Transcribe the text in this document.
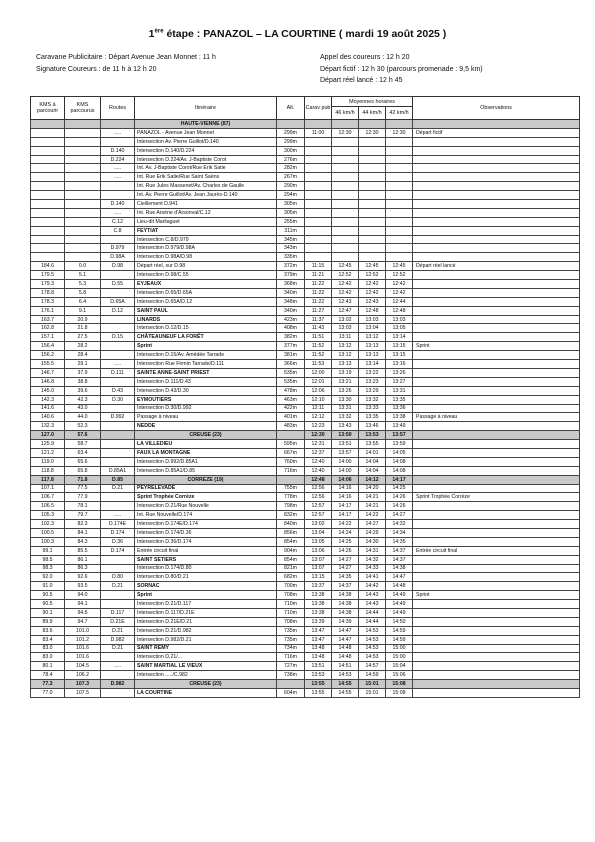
1ère étape : PANAZOL – LA COURTINE ( mardi 19 août 2025 )
Caravane Publicitaire : Départ Avenue Jean Monnet : 11 h
Signature Coureurs : de 11 h à 12 h 20
Appel des coureurs : 12 h 20
Départ fictif : 12 h 30 (parcours promenade : 9,5 km)
Départ réel lancé : 12 h 45
KMS à parcourir	KMS parcourus	Routes	Itinéraire	Alt.	Carav pub	Moyennes horaires			Observations
						46 km/h	44 km/h	42 km/h	
			HAUTE-VIENNE (87)						
		.....	PANAZOL - Avenue Jean Monnet	299m	11:00	12:30	12:30	12:30	Départ fictif
			Intersection Av. Pierre Guillot/D.140	299m					
		D.140	Intersection D.140/D.224	300m					
		D.224	Intersection D.224/Av. J-Baptiste Corot	276m					
		.....	Int. Av. J-Baptiste Corot/Rue Erik Satie	282m					
		.....	Int. Rue Erik Satie/Rue Saint Saëns	267m					
			Int. Rue Jules Massenet/Av. Charles de Gaulle	290m					
			Int. Av. Pierre Guillot/Av. Jean Jaurès-D.140	294m					
		D.140	Cieillement D.941	305m					
		.....	Int. Rue Arsène d'Arsonval/C.12	305m					
		C.12	Lieu-dit Marliaguet	255m					
		C.8	FEYTIAT	311m					
			Intersection C.8/D.979	345m					
		D.979	Intersection D.979/D.98A	343m					
		D.98A	Intersection D.98A/D.98	335m					
184.6	0.0	D.98	Départ réel, sur D.98	372m	11:15	12:45	12:45	12:45	Départ réel lancé
179.5	5.1		Intersection D.98/C.55	379m	11:21	12:52	12:52	12:52	
179.3	5.3	D.55	EYJEAUX	368m	11:22	12:42	12:42	12:42	
178.8	5.8		Intersection D.65/D.65A	340m	11:22	12:42	12:42	12:42	
178.3	6.4	D.65A	Intersection D.65A/D.12	348m	11:22	12:43	12:43	12:44	
176.1	9.1	D.12	SAINT PAUL	340m	11:27	12:47	12:48	12:48	
163.7	20.9		LINARDS	423m	11:37	13:02	13:03	13:03	
162.8	21.8		Intersection D.12/D.15	408m	11:43	13:03	13:04	13:05	
157.1	27.5	D.15	CHÂTEAUNEUF LA FORÊT	382m	11:51	13:11	13:12	13:14	
156.4	28.2		Sprint	377m	11:52	13:12	13:13	13:15	Sprint
156.2	28.4		Intersection D.15/Av. Amédée Tarrade	381m	11:52	13:12	13:13	13:15	
155.5	29.1	.....	Intersection Rue Firmin Tarrade/D.111	366m	11:53	13:13	13:14	13:16	
146.7	37.9	D.111	SAINTE ANNE-SAINT PRIEST	535m	12:00	13:19	13:22	13:26	
146.8	38.8		Intersection D.111/D.43	535m	12:01	13:21	13:23	13:27	
145.0	39.6	D.43	Intersection D.43/D.30	478m	12:06	13:26	13:29	13:31	
142.3	42.3	D.30	EYMOUTIERS	463m	12:10	13:30	13:32	13:35	
141.6	43.0		Intersection D.30/D.992	422m	12:11	13:31	13:33	13:36	
140.6	44.0	D.992	Passage à niveau	401m	12:12	13:32	13:35	13:38	Passage à niveau
132.3	52.3		NEDDE	483m	12:23	13:43	13:46	13:49	
127.0	57.6		CREUSE (23)		12:30	13:50	13:53	13:57	
125.9	58.7		LA VILLEDIEU	595m	12:31	13:51	13:55	13:59	
121.2	63.4		FAUX LA MONTAGNE	667m	12:37	13:57	14:01	14:05	
119.0	65.6		Intersection D.992/D.85A1	760m	12:40	14:00	14:04	14:08	
118.8	65.8	D.85A1	Intersection D.85A1/D.85	716m	12:40	14:00	14:04	14:08	
117.8	71.8	D.85	CORREZE (19)		12:48	14:06	14:12	14:17	
107.1	77.5	D.21	PEYRELEVADE	755m	12:56	14:16	14:20	14:25	
106.7	77.9		Sprint Trophée Corrèze	778m	12:56	14:16	14:21	14:26	Sprint Trophée Corrèze
106.5	78.1		Intersection D.21/Rue Nouvelle	798m	12:57	14:17	14:21	14:26	
105.3	79.7	.....	Int. Rue Nouvelle/D.174	832m	12:57	14:17	14:22	14:27	
102.3	82.3	D.174E	Intersection D.174E/D.174	840m	13:02	14:22	14:27	14:32	
100.5	84.1	D.174	Intersection D.174/D.36	856m	13:04	14:24	14:29	14:34	
100.3	84.3	D.36	Intersection D.36/D.174	854m	13:05	14:25	14:30	14:35	
99.1	85.5	D.174	Entrée circuit final	904m	13:06	14:26	14:31	14:37	Entrée circuit final
98.5	86.1		SAINT SETIERS	854m	13:07	14:27	14:32	14:37	
98.3	86.3		Intersection D.174/D.80	821m	13:07	14:27	14:33	14:38	
92.0	92.6	D.80	Intersection D.80/D.21	682m	13:15	14:35	14:41	14:47	
91.0	93.5	D.21	SORNAC	700m	13:37	14:37	14:42	14:48	
90.5	94.0		Sprint	708m	13:38	14:38	14:43	14:49	Sprint
90.5	94.1		Intersection D.21/D.117	710m	13:38	14:38	14:43	14:49	
90.1	94.5	D.117	Intersection D.117/D.21E	710m	13:38	14:38	14:44	14:49	
89.9	94.7	D.21E	Intersection D.21E/D.21	708m	13:39	14:39	14:44	14:50	
83.6	101.0	D.21	Intersection D.21/D.982	735m	13:47	14:47	14:53	14:59	
83.4	101.2	D.982	Intersection D.982/D.21	735m	13:47	14:47	14:53	14:59	
83.0	101.6	D.21	SAINT RÉMY	734m	13:48	14:48	14:53	15:00	
83.0	101.6		Intersection D.21/...	716m	13:48	14:48	14:53	15:00	
80.1	104.5	.....	SAINT MARTIAL LE VIEUX	727m	13:51	14:51	14:57	15:04	
78.4	106.2		Intersection ...../C.982	738m	13:53	14:53	14:59	15:06	
77.3	107.3	D.982	CREUSE (23)		13:55	14:55	15:01	15:08	
77.0	107.5		LA COURTINE	604m	13:55	14:55	15:01	15:08	
